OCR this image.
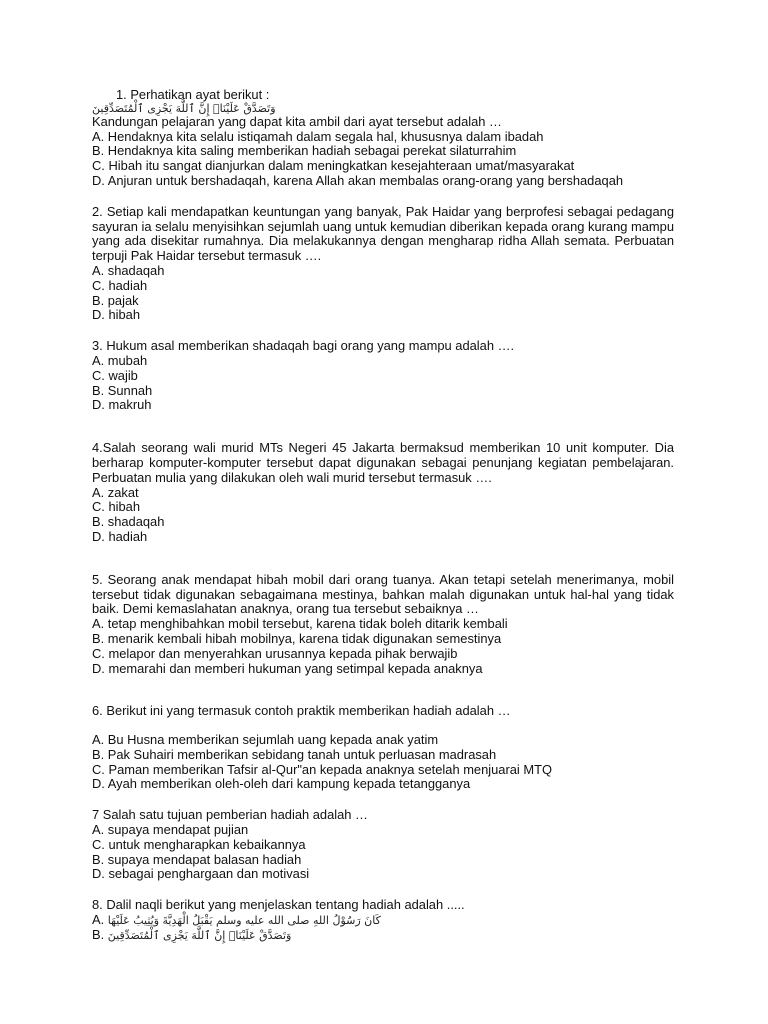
1. Perhatikan ayat berikut :
وَتَصَدَّقْ عَلَيْنَاۖ إِنَّ ٱللَّهَ يَجْزِى ٱلْمُتَصَدِّقِينَ
Kandungan pelajaran yang dapat kita ambil dari ayat tersebut adalah …
A. Hendaknya kita selalu istiqamah dalam segala hal, khususnya dalam ibadah
B. Hendaknya kita saling memberikan hadiah sebagai perekat silaturrahim
C. Hibah itu sangat dianjurkan dalam meningkatkan kesejahteraan umat/masyarakat
D. Anjuran untuk bershadaqah, karena Allah akan membalas orang-orang yang bershadaqah

2. Setiap kali mendapatkan keuntungan yang banyak, Pak Haidar yang berprofesi sebagai pedagang sayuran ia selalu menyisihkan sejumlah uang untuk kemudian diberikan kepada orang kurang mampu yang ada disekitar rumahnya. Dia melakukannya dengan mengharap ridha Allah semata. Perbuatan terpuji Pak Haidar tersebut termasuk ….

A. shadaqah
C. hadiah
B. pajak
D. hibah
3. Hukum asal memberikan shadaqah bagi orang yang mampu adalah ….
A. mubah
C. wajib
B. Sunnah
D. makruh

4.Salah seorang wali murid MTs Negeri 45 Jakarta bermaksud memberikan 10 unit komputer. Dia berharap komputer-komputer tersebut dapat digunakan sebagai penunjang kegiatan pembelajaran. Perbuatan mulia yang dilakukan oleh wali murid tersebut termasuk ….

A. zakat
C. hibah
B. shadaqah
D. hadiah

5. Seorang anak mendapat hibah mobil dari orang tuanya. Akan tetapi setelah menerimanya, mobil tersebut tidak digunakan sebagaimana mestinya, bahkan malah digunakan untuk hal-hal yang tidak baik. Demi kemaslahatan anaknya, orang tua tersebut sebaiknya …

A. tetap menghibahkan mobil tersebut, karena tidak boleh ditarik kembali
B. menarik kembali hibah mobilnya, karena tidak digunakan semestinya
C. melapor dan menyerahkan urusannya kepada pihak berwajib
D. memarahi dan memberi hukuman yang setimpal kepada anaknya
6. Berikut ini yang termasuk contoh praktik memberikan hadiah adalah …
A. Bu Husna memberikan sejumlah uang kepada anak yatim
B. Pak Suhairi memberikan sebidang tanah untuk perluasan madrasah
C. Paman memberikan Tafsir al-Qur"an kepada anaknya setelah menjuarai MTQ
D. Ayah memberikan oleh-oleh dari kampung kepada tetangganya
7 Salah satu tujuan pemberian hadiah adalah …
A. supaya mendapat pujian
C. untuk mengharapkan kebaikannya
B. supaya mendapat balasan hadiah
D. sebagai penghargaan dan motivasi
8. Dalil naqli berikut yang menjelaskan tentang hadiah adalah .....
A. كَانَ رَسُوْلُ اللهِ صلى الله عليه وسلم يَقْبَلُ الْهَدِيَّةَ وَيُثِيبُ عَلَيْهَا
B. وَتَصَدَّقْ عَلَيْنَاۖ إِنَّ ٱللَّهَ يَجْزِى ٱلْمُتَصَدِّقِينَ
